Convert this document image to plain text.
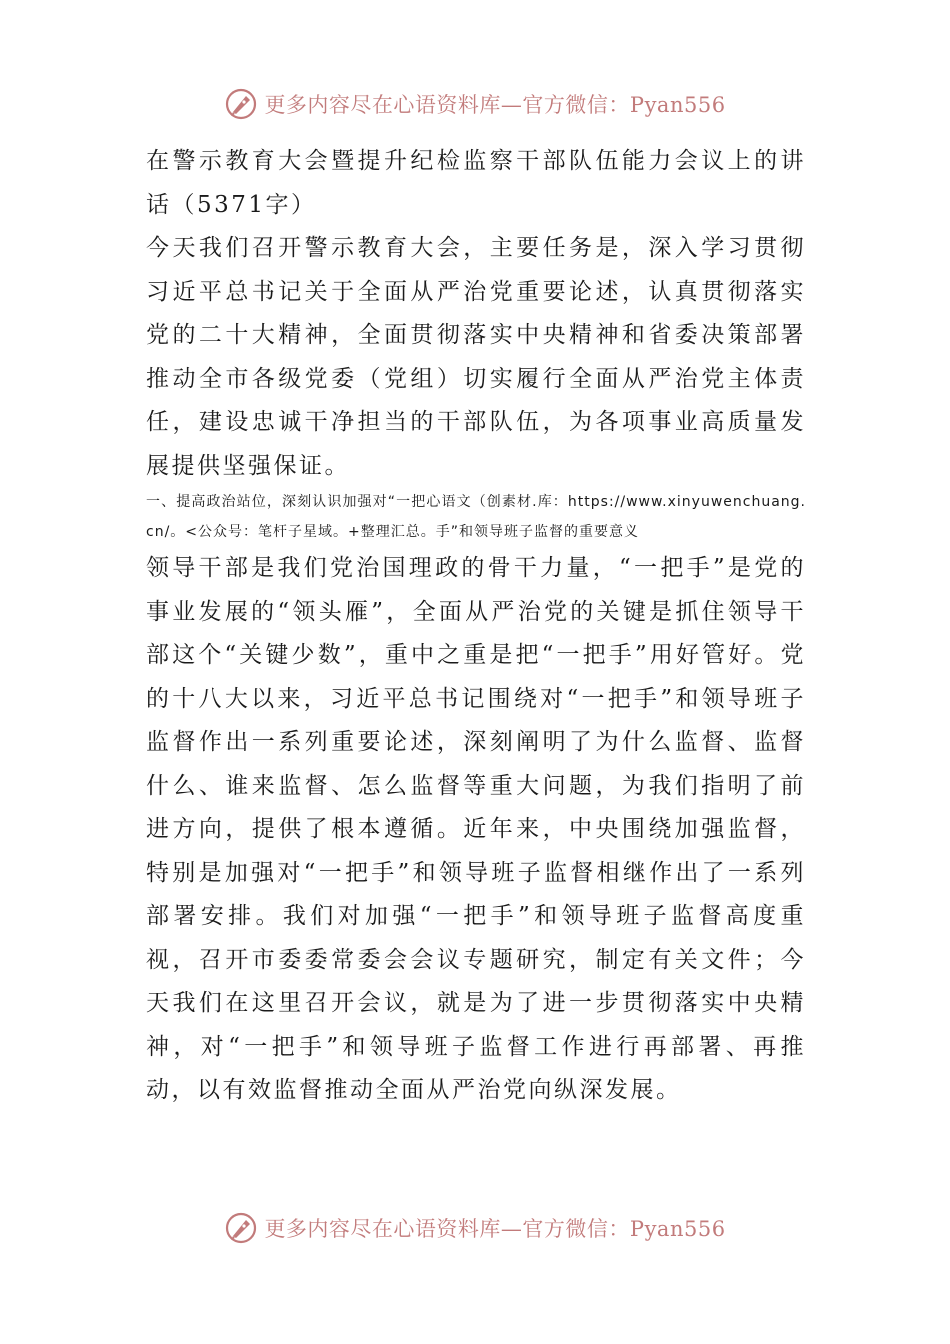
更多内容尽在心语资料库—官方微信：Pyan556

在警示教育大会暨提升纪检监察干部队伍能力会议上的讲话（5371字）

今天我们召开警示教育大会，主要任务是，深入学习贯彻习近平总书记关于全面从严治党重要论述，认真贯彻落实党的二十大精神，全面贯彻落实中央精神和省委决策部署推动全市各级党委（党组）切实履行全面从严治党主体责任，建设忠诚干净担当的干部队伍，为各项事业高质量发展提供坚强保证。

一、提高政治站位，深刻认识加强对“一把心语文（创素材.库：https://www.xinyuwenchuang.cn/。<公众号：笔杆子星域。+整理汇总。手”和领导班子监督的重要意义

领导干部是我们党治国理政的骨干力量，“一把手”是党的事业发展的“领头雁”，全面从严治党的关键是抓住领导干部这个“关键少数”，重中之重是把“一把手”用好管好。党的十八大以来，习近平总书记围绕对“一把手”和领导班子监督作出一系列重要论述，深刻阐明了为什么监督、监督什么、谁来监督、怎么监督等重大问题，为我们指明了前进方向，提供了根本遵循。近年来，中央围绕加强监督，特别是加强对“一把手”和领导班子监督相继作出了一系列部署安排。我们对加强“一把手”和领导班子监督高度重视，召开市委委常委会会议专题研究，制定有关文件；今天我们在这里召开会议，就是为了进一步贯彻落实中央精神，对“一把手”和领导班子监督工作进行再部署、再推动，以有效监督推动全面从严治党向纵深发展。

更多内容尽在心语资料库—官方微信：Pyan556
